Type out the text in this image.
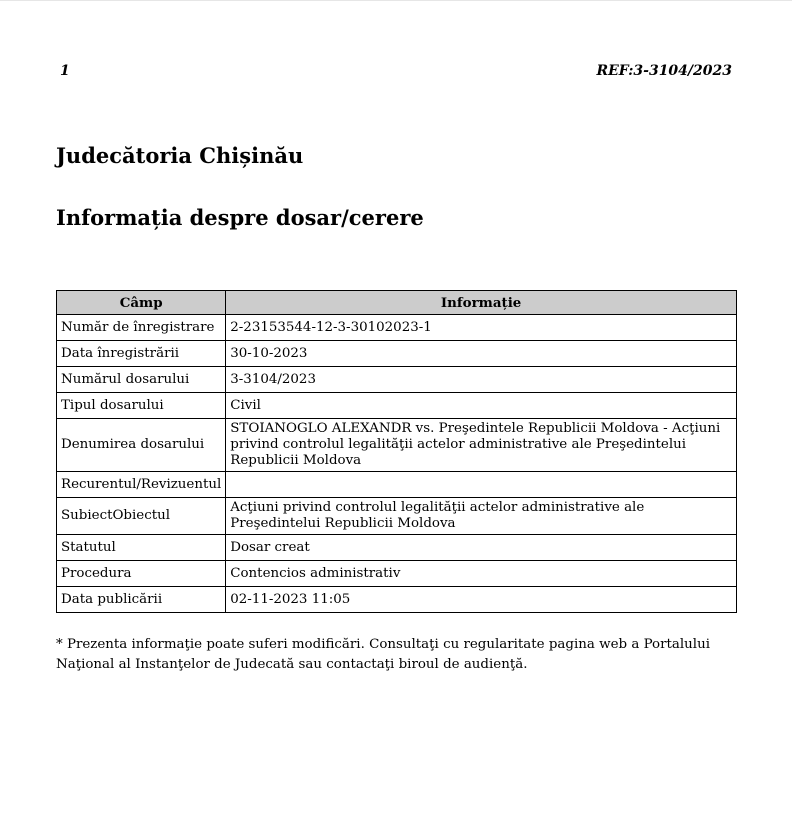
1	REF:3-3104/2023
Judecătoria Chișinău
Informația despre dosar/cerere
Câmp	Informație
Număr de înregistrare	2-23153544-12-3-30102023-1
Data înregistrării	30-10-2023
Numărul dosarului	3-3104/2023
Tipul dosarului	Civil
Denumirea dosarului	STOIANOGLO ALEXANDR vs. Preşedintele Republicii Moldova - Acţiuni privind controlul legalităţii actelor administrative ale Preşedintelui Republicii Moldova
Recurentul/Revizuentul	
SubiectObiectul	Acţiuni privind controlul legalităţii actelor administrative ale Preşedintelui Republicii Moldova
Statutul	Dosar creat
Procedura	Contencios administrativ
Data publicării	02-11-2023 11:05

* Prezenta informaţie poate suferi modificări. Consultaţi cu regularitate pagina web a Portalului Naţional al Instanţelor de Judecată sau contactaţi biroul de audienţă.
